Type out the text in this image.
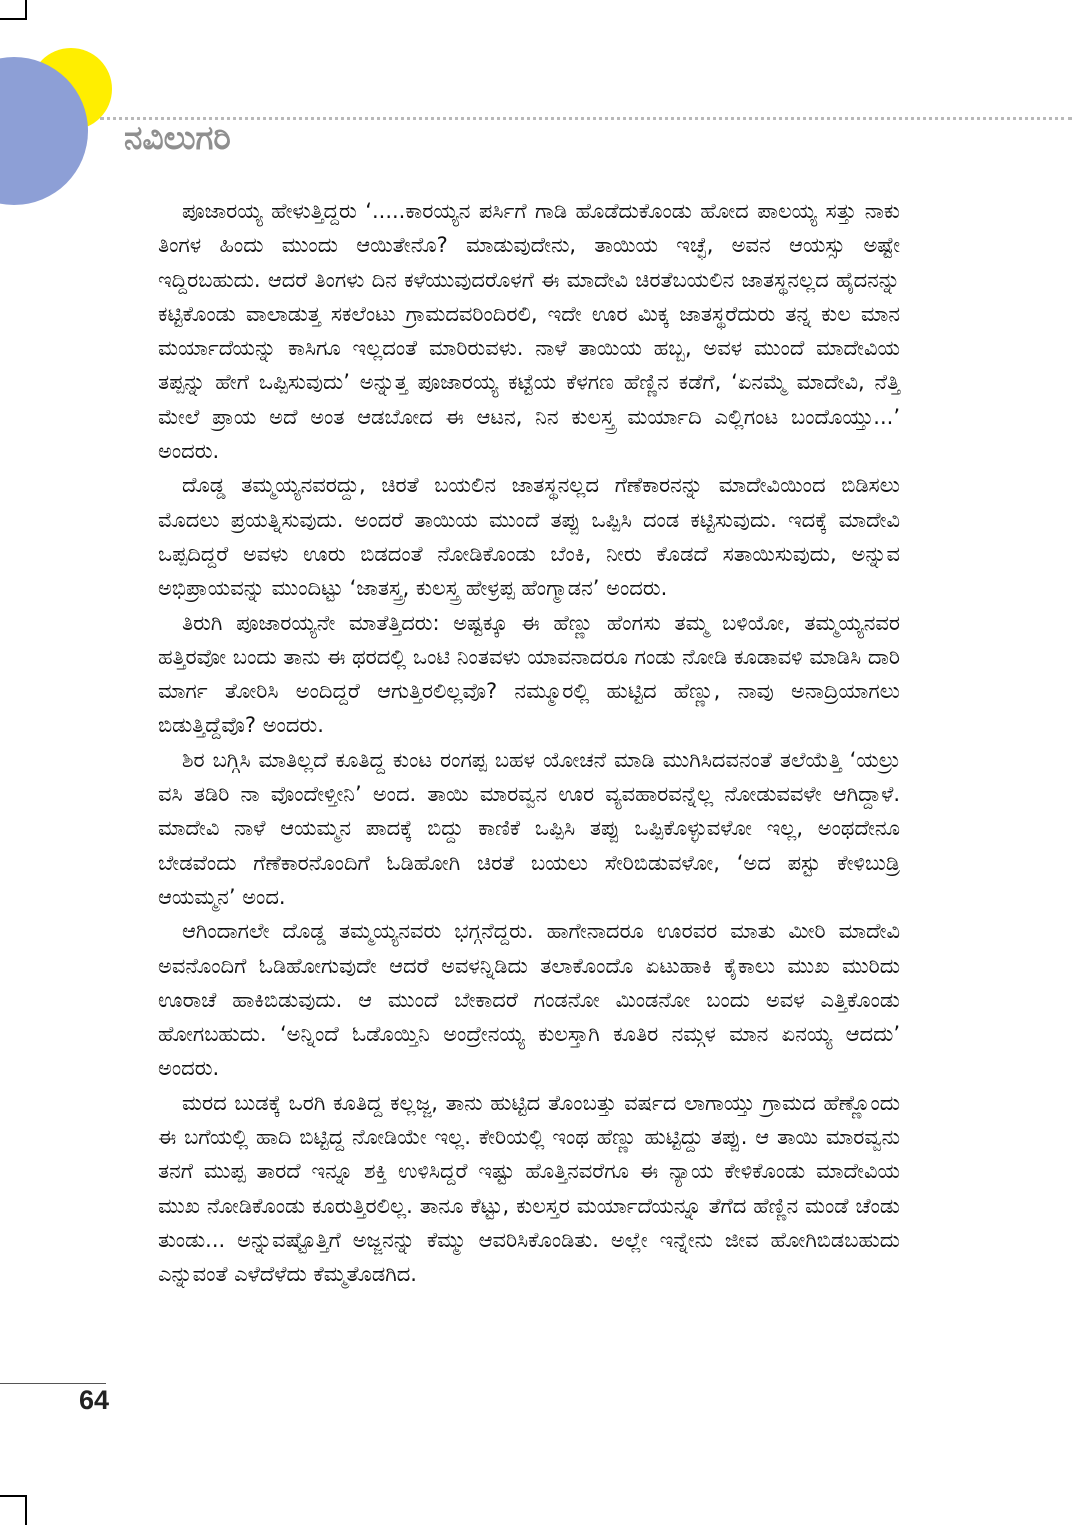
ನವಿಲುಗರಿ

ಪೂಜಾರಯ್ಯ ಹೇಳುತ್ತಿದ್ದರು ‘.....ಕಾರಯ್ಯನ ಪರ್ಸಿಗೆ ಗಾಡಿ ಹೊಡೆದುಕೊಂಡು ಹೋದ ಪಾಲಯ್ಯ ಸತ್ತು ನಾಕು ತಿಂಗಳ ಹಿಂದು ಮುಂದು ಆಯಿತೇನೊ? ಮಾಡುವುದೇನು, ತಾಯಿಯ ಇಚ್ಛೆ, ಅವನ ಆಯಸ್ಸು ಅಷ್ಟೇ ಇದ್ದಿರಬಹುದು. ಆದರೆ ತಿಂಗಳು ದಿನ ಕಳೆಯುವುದರೊಳಗೆ ಈ ಮಾದೇವಿ ಚಿರತೆಬಯಲಿನ ಜಾತಸ್ಥನಲ್ಲದ ಹೈದನನ್ನು ಕಟ್ಟಿಕೊಂಡು ವಾಲಾಡುತ್ತ ಸಕಲೆಂಟು ಗ್ರಾಮದವರಿಂದಿರಲಿ, ಇದೇ ಊರ ಮಿಕ್ಕ ಜಾತಸ್ಥರೆದುರು ತನ್ನ ಕುಲ ಮಾನ ಮರ್ಯಾದೆಯನ್ನು ಕಾಸಿಗೂ ಇಲ್ಲದಂತೆ ಮಾರಿರುವಳು. ನಾಳೆ ತಾಯಿಯ ಹಬ್ಬ, ಅವಳ ಮುಂದೆ ಮಾದೇವಿಯ ತಪ್ಪನ್ನು ಹೇಗೆ ಒಪ್ಪಿಸುವುದು’ ಅನ್ನುತ್ತ ಪೂಜಾರಯ್ಯ ಕಟ್ಟೆಯ ಕೆಳಗಣ ಹೆಣ್ಣಿನ ಕಡೆಗೆ, ‘ಏನಮ್ಮೆ ಮಾದೇವಿ, ನೆತ್ತಿ ಮೇಲೆ ಪ್ರಾಯ ಅದೆ ಅಂತ ಆಡಬೋದ ಈ ಆಟನ, ನಿನ ಕುಲಸ್ತ್ರ ಮರ್ಯಾದಿ ಎಲ್ಲಿಗಂಟ ಬಂದೊಯ್ತು...’ ಅಂದರು.

ದೊಡ್ಡ ತಮ್ಮಯ್ಯನವರದ್ದು, ಚಿರತೆ ಬಯಲಿನ ಜಾತಸ್ಥನಲ್ಲದ ಗೆಣೆಕಾರನನ್ನು ಮಾದೇವಿಯಿಂದ ಬಿಡಿಸಲು ಮೊದಲು ಪ್ರಯತ್ನಿಸುವುದು. ಅಂದರೆ ತಾಯಿಯ ಮುಂದೆ ತಪ್ಪು ಒಪ್ಪಿಸಿ ದಂಡ ಕಟ್ಟಿಸುವುದು. ಇದಕ್ಕೆ ಮಾದೇವಿ ಒಪ್ಪದಿದ್ದರೆ ಅವಳು ಊರು ಬಿಡದಂತೆ ನೋಡಿಕೊಂಡು ಬೆಂಕಿ, ನೀರು ಕೊಡದೆ ಸತಾಯಿಸುವುದು, ಅನ್ನುವ ಅಭಿಪ್ರಾಯವನ್ನು ಮುಂದಿಟ್ಟು ‘ಜಾತಸ್ತ್ರ, ಕುಲಸ್ತ್ರ ಹೇಳ್ರಪ್ಪ ಹೆಂಗ್ಮಾಡನ’ ಅಂದರು.

ತಿರುಗಿ ಪೂಜಾರಯ್ಯನೇ ಮಾತೆತ್ತಿದರು: ಅಷ್ಟಕ್ಕೂ ಈ ಹೆಣ್ಣು ಹೆಂಗಸು ತಮ್ಮ ಬಳಿಯೋ, ತಮ್ಮಯ್ಯನವರ ಹತ್ತಿರವೋ ಬಂದು ತಾನು ಈ ಥರದಲ್ಲಿ ಒಂಟಿ ನಿಂತವಳು ಯಾವನಾದರೂ ಗಂಡು ನೋಡಿ ಕೂಡಾವಳಿ ಮಾಡಿಸಿ ದಾರಿ ಮಾರ್ಗ ತೋರಿಸಿ ಅಂದಿದ್ದರೆ ಆಗುತ್ತಿರಲಿಲ್ಲವೊ? ನಮ್ಮೂರಲ್ಲಿ ಹುಟ್ಟಿದ ಹೆಣ್ಣು, ನಾವು ಅನಾದ್ರಿಯಾಗಲು ಬಿಡುತ್ತಿದ್ದೆವೊ? ಅಂದರು.

ಶಿರ ಬಗ್ಗಿಸಿ ಮಾತಿಲ್ಲದೆ ಕೂತಿದ್ದ ಕುಂಟ ರಂಗಪ್ಪ ಬಹಳ ಯೋಚನೆ ಮಾಡಿ ಮುಗಿಸಿದವನಂತೆ ತಲೆಯೆತ್ತಿ ‘ಯಲ್ರು ವಸಿ ತಡಿರಿ ನಾ ವೊಂದೇಳ್ತೀನಿ’ ಅಂದ. ತಾಯಿ ಮಾರವ್ವನ ಊರ ವ್ಯವಹಾರವನ್ನೆಲ್ಲ ನೋಡುವವಳೇ ಆಗಿದ್ದಾಳೆ. ಮಾದೇವಿ ನಾಳೆ ಆಯಮ್ಮನ ಪಾದಕ್ಕೆ ಬಿದ್ದು ಕಾಣಿಕೆ ಒಪ್ಪಿಸಿ ತಪ್ಪು ಒಪ್ಪಿಕೊಳ್ಳುವಳೋ ಇಲ್ಲ, ಅಂಥದೇನೂ ಬೇಡವೆಂದು ಗೆಣೆಕಾರನೊಂದಿಗೆ ಓಡಿಹೋಗಿ ಚಿರತೆ ಬಯಲು ಸೇರಿಬಿಡುವಳೋ, ‘ಅದ ಪಸ್ಟು ಕೇಳಿಬುಡ್ರಿ ಆಯಮ್ಮನ’ ಅಂದ.

ಆಗಿಂದಾಗಲೇ ದೊಡ್ಡ ತಮ್ಮಯ್ಯನವರು ಭಗ್ಗನೆದ್ದರು. ಹಾಗೇನಾದರೂ ಊರವರ ಮಾತು ಮೀರಿ ಮಾದೇವಿ ಅವನೊಂದಿಗೆ ಓಡಿಹೋಗುವುದೇ ಆದರೆ ಅವಳನ್ನಿಡಿದು ತಲಾಕೊಂದೊ ಏಟುಹಾಕಿ ಕೈಕಾಲು ಮುಖ ಮುರಿದು ಊರಾಚೆ ಹಾಕಿಬಿಡುವುದು. ಆ ಮುಂದೆ ಬೇಕಾದರೆ ಗಂಡನೋ ಮಿಂಡನೋ ಬಂದು ಅವಳ ಎತ್ತಿಕೊಂಡು ಹೋಗಬಹುದು. ‘ಅನ್ನಿಂದೆ ಓಡೊಯ್ತಿನಿ ಅಂದ್ರೇನಯ್ಯ ಕುಲಸ್ತಾಗಿ ಕೂತಿರ ನಮ್ಗಳ ಮಾನ ಏನಯ್ಯ ಆದದು’ ಅಂದರು.

ಮರದ ಬುಡಕ್ಕೆ ಒರಗಿ ಕೂತಿದ್ದ ಕಲ್ಲಜ್ಜ, ತಾನು ಹುಟ್ಟಿದ ತೊಂಬತ್ತು ವರ್ಷದ ಲಾಗಾಯ್ತು ಗ್ರಾಮದ ಹೆಣ್ಣೊಂದು ಈ ಬಗೆಯಲ್ಲಿ ಹಾದಿ ಬಿಟ್ಟಿದ್ದ ನೋಡಿಯೇ ಇಲ್ಲ. ಕೇರಿಯಲ್ಲಿ ಇಂಥ ಹೆಣ್ಣು ಹುಟ್ಟಿದ್ದು ತಪ್ಪು. ಆ ತಾಯಿ ಮಾರವ್ವನು ತನಗೆ ಮುಪ್ಪ ತಾರದೆ ಇನ್ನೂ ಶಕ್ತಿ ಉಳಿಸಿದ್ದರೆ ಇಷ್ಟು ಹೊತ್ತಿನವರೆಗೂ ಈ ನ್ಯಾಯ ಕೇಳಿಕೊಂಡು ಮಾದೇವಿಯ ಮುಖ ನೋಡಿಕೊಂಡು ಕೂರುತ್ತಿರಲಿಲ್ಲ. ತಾನೂ ಕೆಟ್ಟು, ಕುಲಸ್ತರ ಮರ್ಯಾದೆಯನ್ನೂ ತೆಗೆದ ಹೆಣ್ಣಿನ ಮಂಡೆ ಚೆಂಡು ತುಂಡು... ಅನ್ನುವಷ್ಟೊತ್ತಿಗೆ ಅಜ್ಜನನ್ನು ಕೆಮ್ಮು ಆವರಿಸಿಕೊಂಡಿತು. ಅಲ್ಲೇ ಇನ್ನೇನು ಜೀವ ಹೋಗಿಬಿಡಬಹುದು ಎನ್ನುವಂತೆ ಎಳೆದೆಳೆದು ಕೆಮ್ಮತೊಡಗಿದ.

64
